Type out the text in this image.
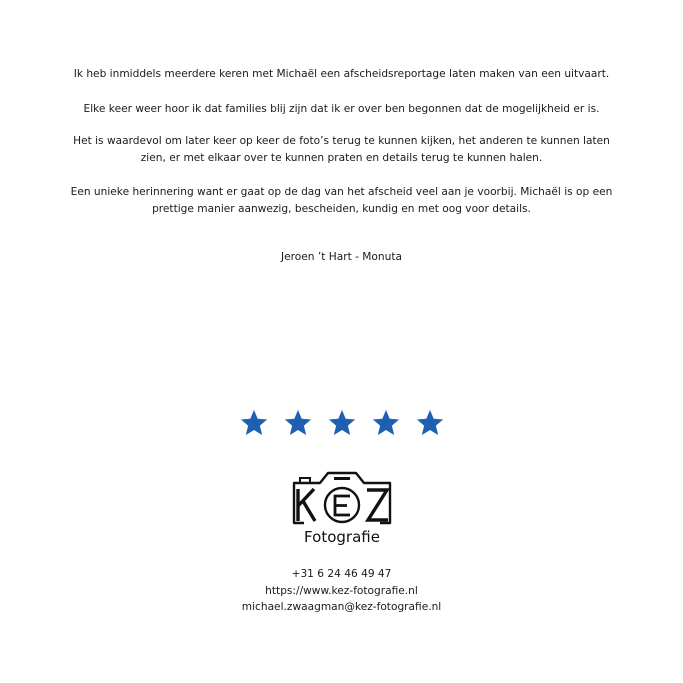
Ik heb inmiddels meerdere keren met Michaël een afscheidsreportage laten maken van een uitvaart.
Elke keer weer hoor ik dat families blij zijn dat ik er over ben begonnen dat de mogelijkheid er is.
Het is waardevol om later keer op keer de foto’s terug te kunnen kijken, het anderen te kunnen laten
zien, er met elkaar over te kunnen praten en details terug te kunnen halen.
Een unieke herinnering want er gaat op de dag van het afscheid veel aan je voorbij. Michaël is op een
prettige manier aanwezig, bescheiden, kundig en met oog voor details.
Jeroen ’t Hart - Monuta
Fotografie
+31 6 24 46 49 47
https://www.kez-fotografie.nl
michael.zwaagman@kez-fotografie.nl
